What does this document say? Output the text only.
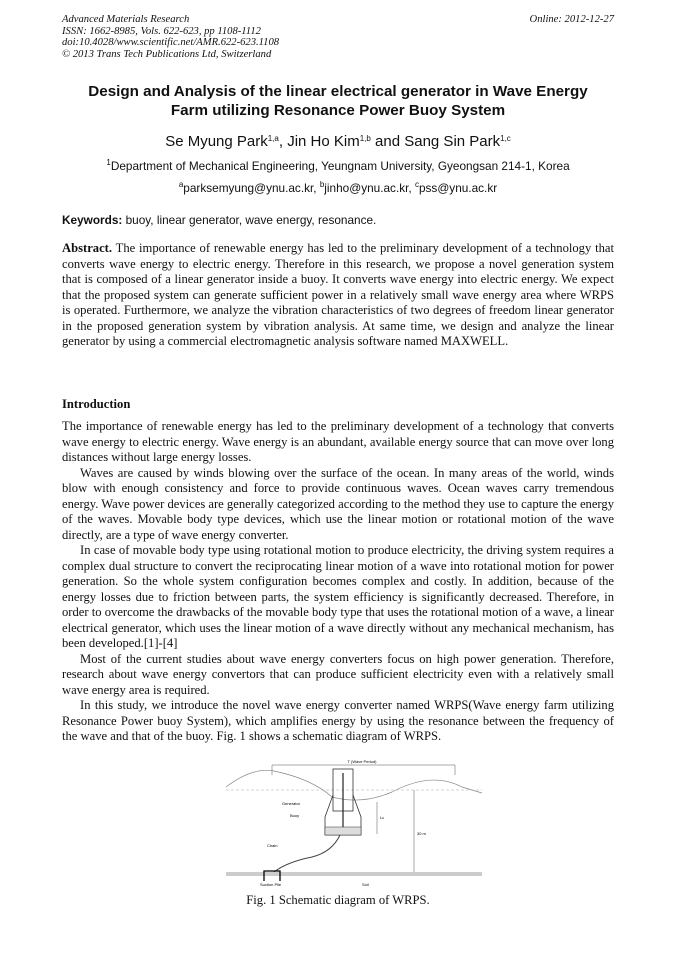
Advanced Materials Research
ISSN: 1662-8985, Vols. 622-623, pp 1108-1112
doi:10.4028/www.scientific.net/AMR.622-623.1108
© 2013 Trans Tech Publications Ltd, Switzerland
Online: 2012-12-27
Design and Analysis of the linear electrical generator in Wave Energy
Farm utilizing Resonance Power Buoy System
Se Myung Park$^{1,a}$, Jin Ho Kim$^{1,b}$ and Sang Sin Park$^{1,c}$
$^1$Department of Mechanical Engineering, Yeungnam University, Gyeongsan 214-1, Korea
$^a$parksemyung@ynu.ac.kr, $^b$jinho@ynu.ac.kr, $^c$pss@ynu.ac.kr
Keywords: buoy, linear generator, wave energy, resonance.

Abstract. The importance of renewable energy has led to the preliminary development of a technology that converts wave energy to electric energy. Therefore in this research, we propose a novel generation system that is composed of a linear generator inside a buoy. It converts wave energy into electric energy. We expect that the proposed system can generate sufficient power in a relatively small wave energy area where WRPS is operated. Furthermore, we analyze the vibration characteristics of two degrees of freedom linear generator in the proposed generation system by vibration analysis. At same time, we design and analyze the linear generator by using a commercial electromagnetic analysis software named MAXWELL.

Introduction

The importance of renewable energy has led to the preliminary development of a technology that converts wave energy to electric energy. Wave energy is an abundant, available energy source that can move over long distances without large energy losses.

Waves are caused by winds blowing over the surface of the ocean. In many areas of the world, winds blow with enough consistency and force to provide continuous waves. Ocean waves carry tremendous energy. Wave power devices are generally categorized according to the method they use to capture the energy of the waves. Movable body type devices, which use the linear motion or rotational motion of the wave directly, are a type of wave energy converter.

In case of movable body type using rotational motion to produce electricity, the driving system requires a complex dual structure to convert the reciprocating linear motion of a wave into rotational motion for power generation. So the whole system configuration becomes complex and costly. In addition, because of the energy losses due to friction between parts, the system efficiency is significantly decreased. Therefore, in order to overcome the drawbacks of the movable body type that uses the rotational motion of a wave, a linear electrical generator, which uses the linear motion of a wave directly without any mechanical mechanism, has been developed.[1]-[4]

Most of the current studies about wave energy converters focus on high power generation. Therefore, research about wave energy convertors that can produce sufficient electricity even with a relatively small wave energy area is required.

In this study, we introduce the novel wave energy converter named WRPS(Wave energy farm utilizing Resonance Power buoy System), which amplifies energy by using the resonance between the frequency of the wave and that of the buoy. Fig. 1 shows a schematic diagram of WRPS.

T (Wave Period)
Lc
30 m
Generator
Buoy
Chain
Suction Pile	Soil
Fig. 1 Schematic diagram of WRPS.
